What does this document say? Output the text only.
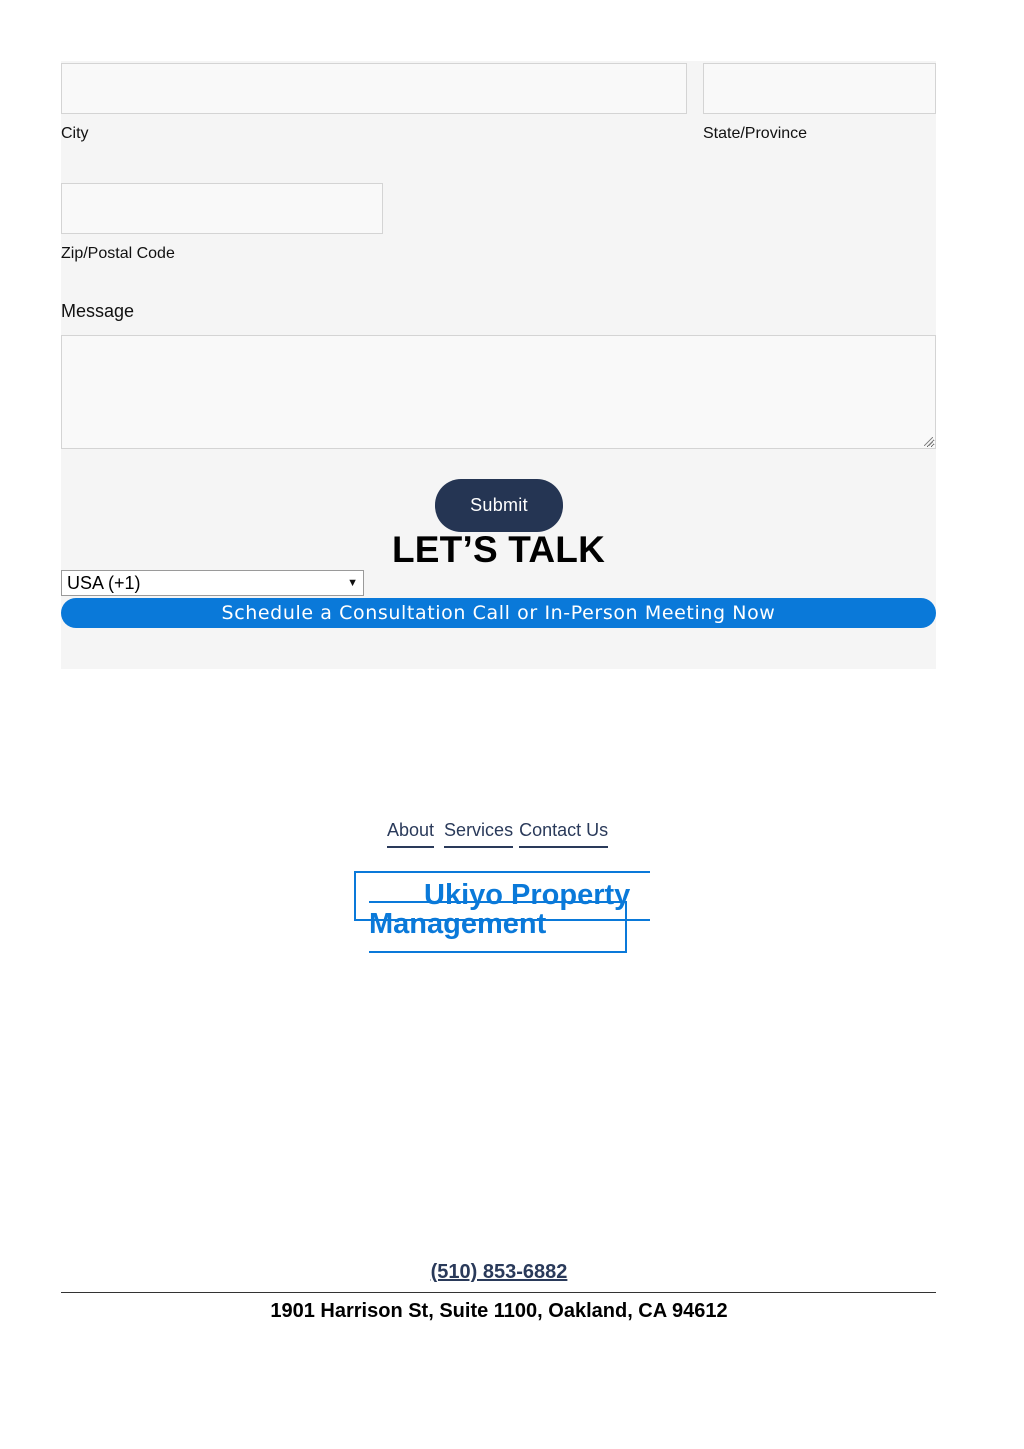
City	State/Province
Zip/Postal Code
Message
Submit
LET’S TALK
USA (+1)	▼
Schedule a Consultation Call or In-Person Meeting Now
About Services Contact Us
Ukiyo Property Management
(510) 853-6882
1901 Harrison St, Suite 1100, Oakland, CA 94612
